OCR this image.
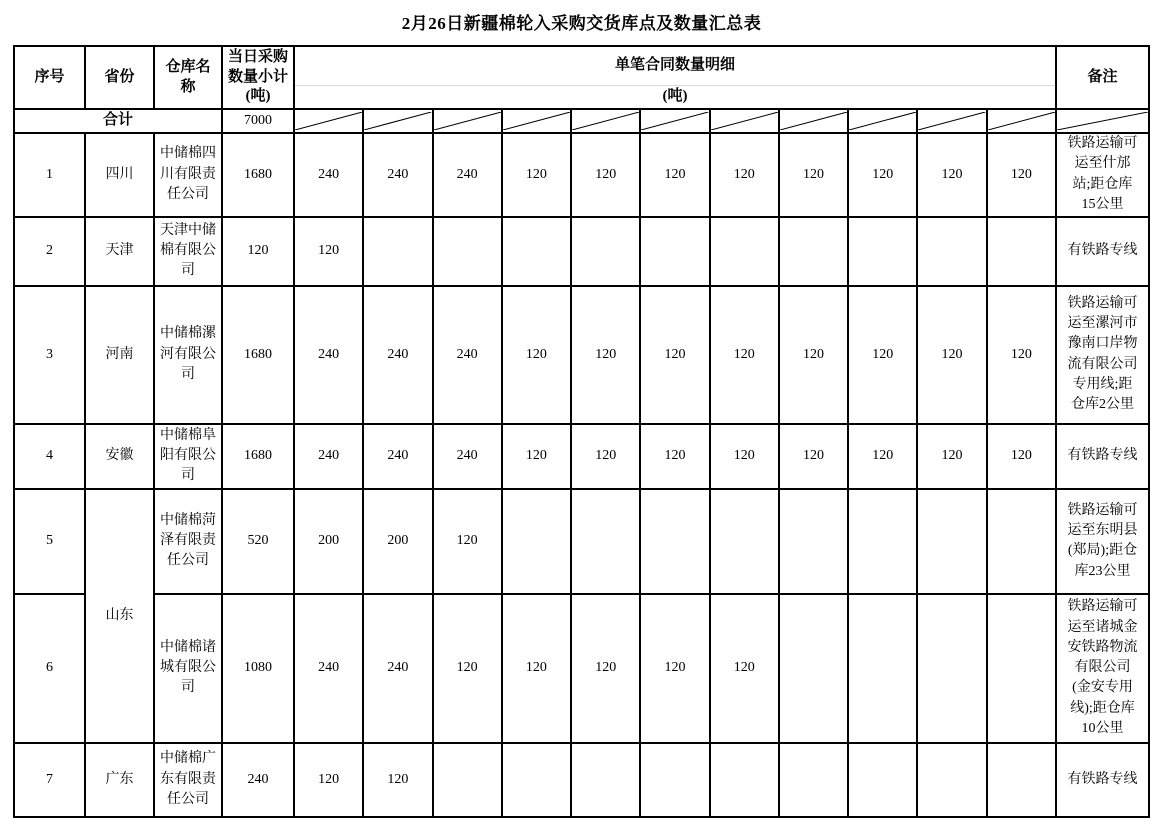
2月26日新疆棉轮入采购交货库点及数量汇总表
序号	省份	仓库名称	当日采购数量小计(吨)	单笔合同数量明细
(吨)											备注
合计			7000	

1	四川	中储棉四川有限责任公司	1680	240	240	240	120	120	120	120	120	120	120	120	铁路运输可运至什邡站;距仓库15公里
2	天津	天津中储棉有限公司	120	120											有铁路专线
3	河南	中储棉漯河有限公司	1680	240	240	240	120	120	120	120	120	120	120	120	铁路运输可运至漯河市豫南口岸物流有限公司专用线;距仓库2公里
4	安徽	中储棉阜阳有限公司	1680	240	240	240	120	120	120	120	120	120	120	120	有铁路专线
5	山东	中储棉菏泽有限责任公司	520	200	200	120									铁路运输可运至东明县(郑局);距仓库23公里
6		中储棉诸城有限公司	1080	240	240	120	120	120	120	120					铁路运输可运至诸城金安铁路物流有限公司(金安专用线);距仓库10公里
7	广东	中储棉广东有限责任公司	240	120	120										有铁路专线
